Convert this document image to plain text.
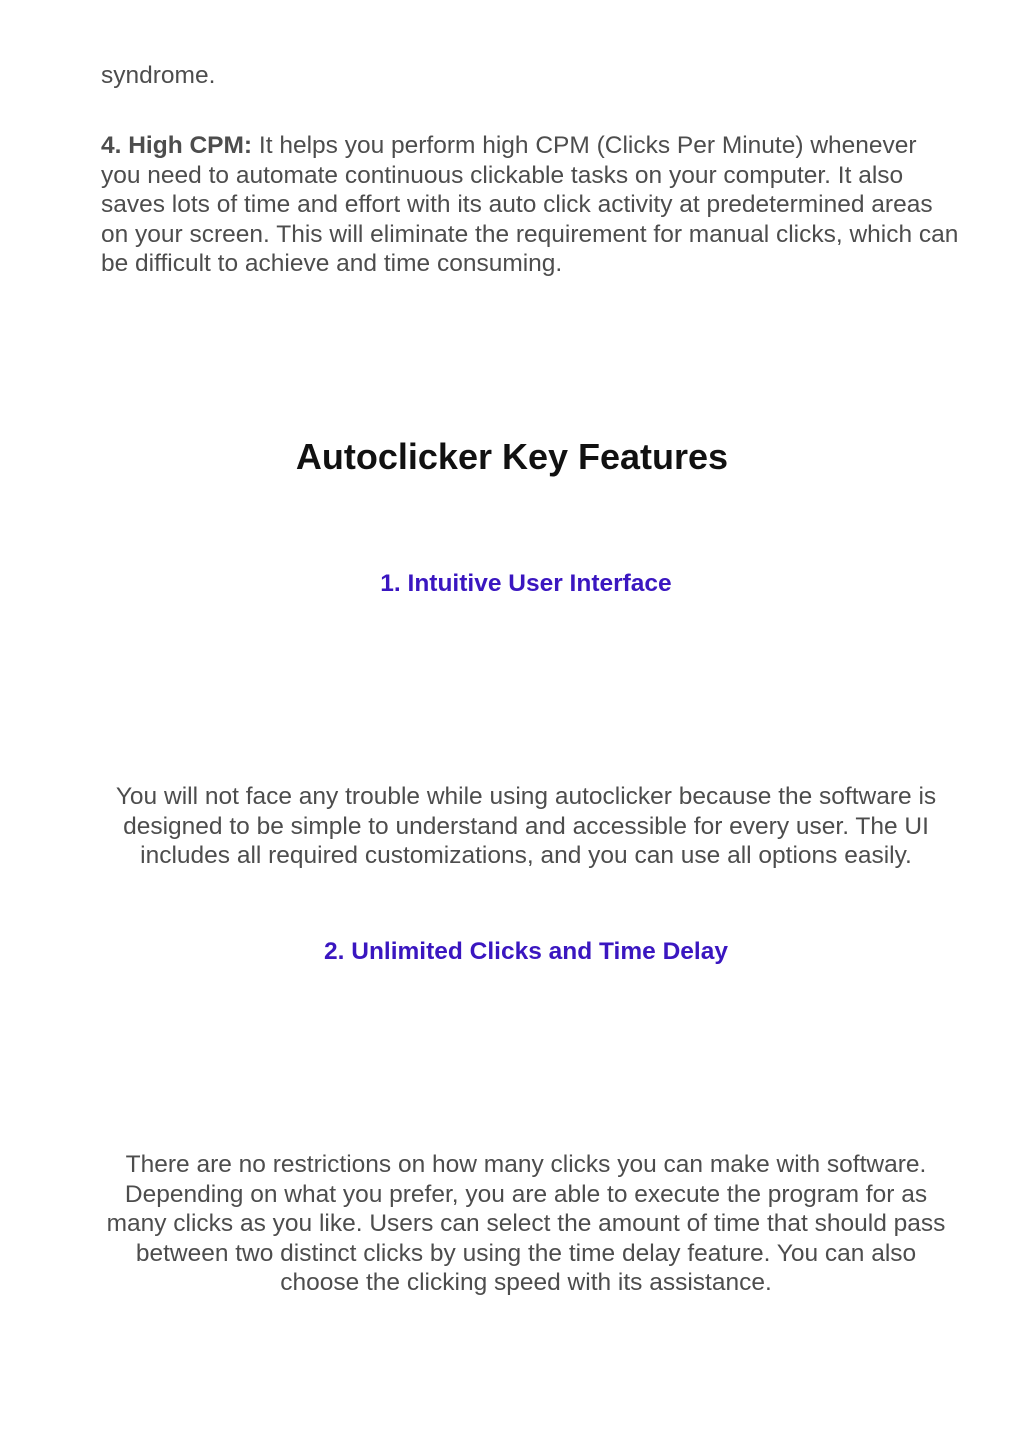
syndrome.

4. High CPM: It helps you perform high CPM (Clicks Per Minute) whenever you need to automate continuous clickable tasks on your computer. It also saves lots of time and effort with its auto click activity at predetermined areas on your screen. This will eliminate the requirement for manual clicks, which can be difficult to achieve and time consuming.

Autoclicker Key Features
1. Intuitive User Interface

You will not face any trouble while using autoclicker because the software is designed to be simple to understand and accessible for every user. The UI includes all required customizations, and you can use all options easily.

2. Unlimited Clicks and Time Delay

There are no restrictions on how many clicks you can make with software. Depending on what you prefer, you are able to execute the program for as many clicks as you like. Users can select the amount of time that should pass between two distinct clicks by using the time delay feature. You can also choose the clicking speed with its assistance.
